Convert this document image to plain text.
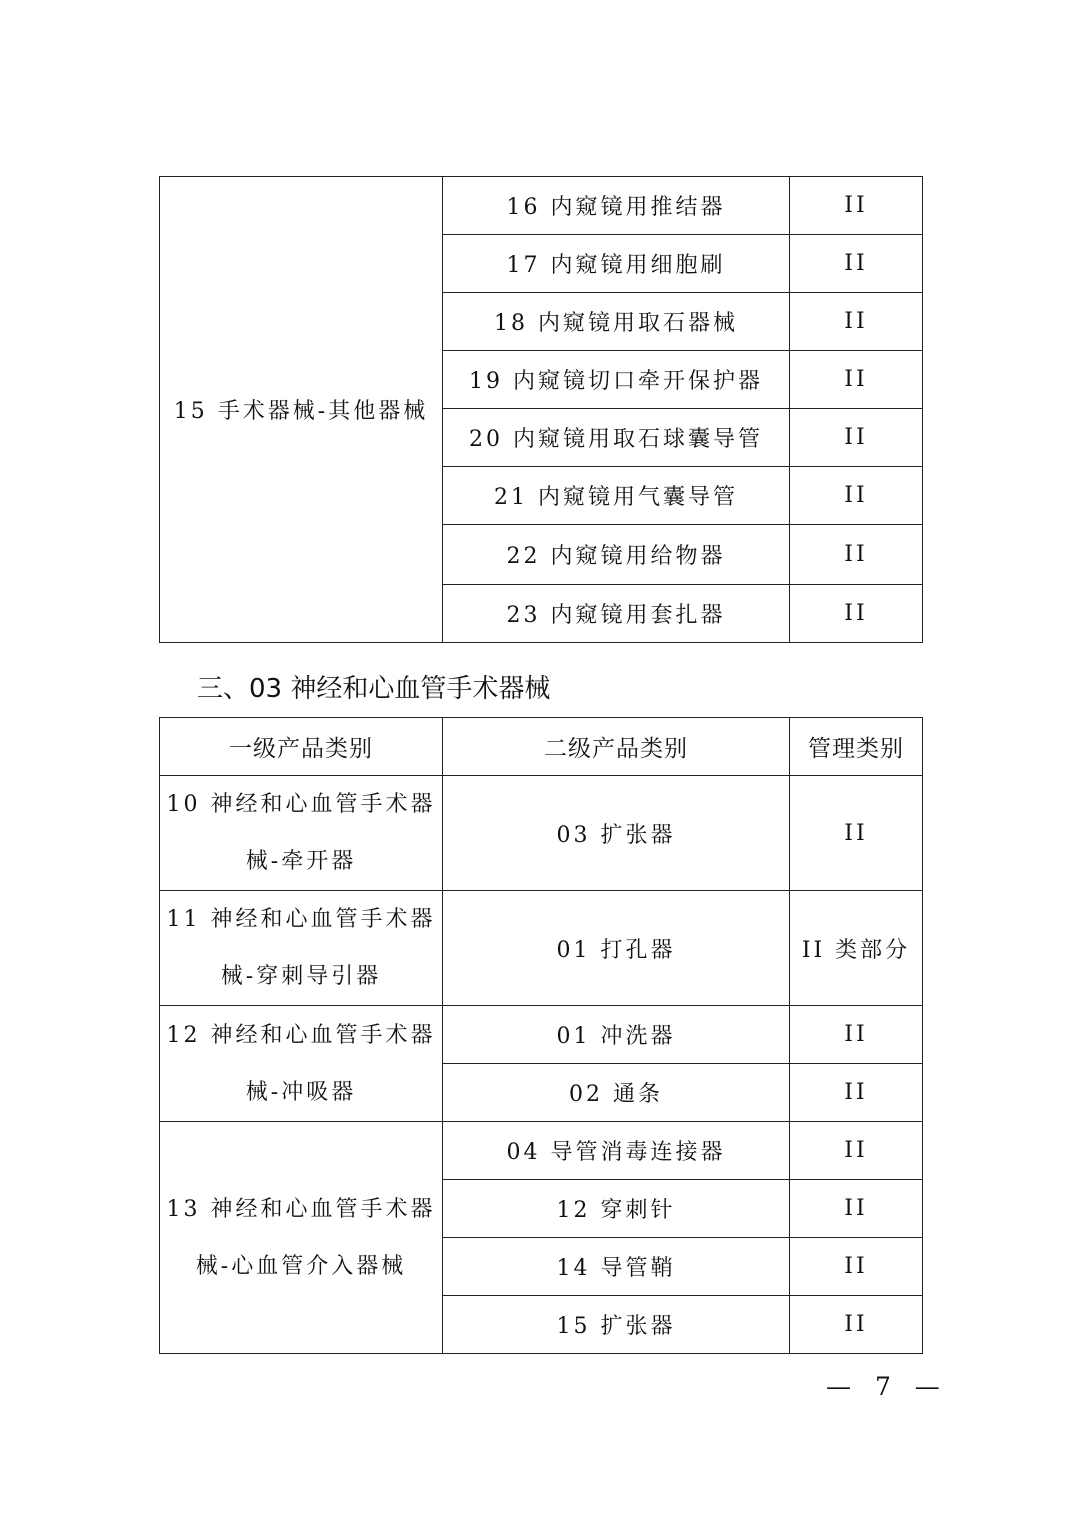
15 手术器械-其他器械	16 内窥镜用推结器	II
	17 内窥镜用细胞刷	II
	18 内窥镜用取石器械	II
	19 内窥镜切口牵开保护器	II
	20 内窥镜用取石球囊导管	II
	21 内窥镜用气囊导管	II
	22 内窥镜用给物器	II
	23 内窥镜用套扎器	II
三、03 神经和心血管手术器械
一级产品类别	二级产品类别	管理类别

10 神经和心血管手术器械-牵开器	03 扩张器	II

11 神经和心血管手术器械-穿刺导引器	01 打孔器	II 类部分

12 神经和心血管手术器械-冲吸器	01 冲洗器	II
	02 通条	II

13 神经和心血管手术器械-心血管介入器械	04 导管消毒连接器	II
	12 穿刺针	II
	14 导管鞘	II
	15 扩张器	II
— 7 —
